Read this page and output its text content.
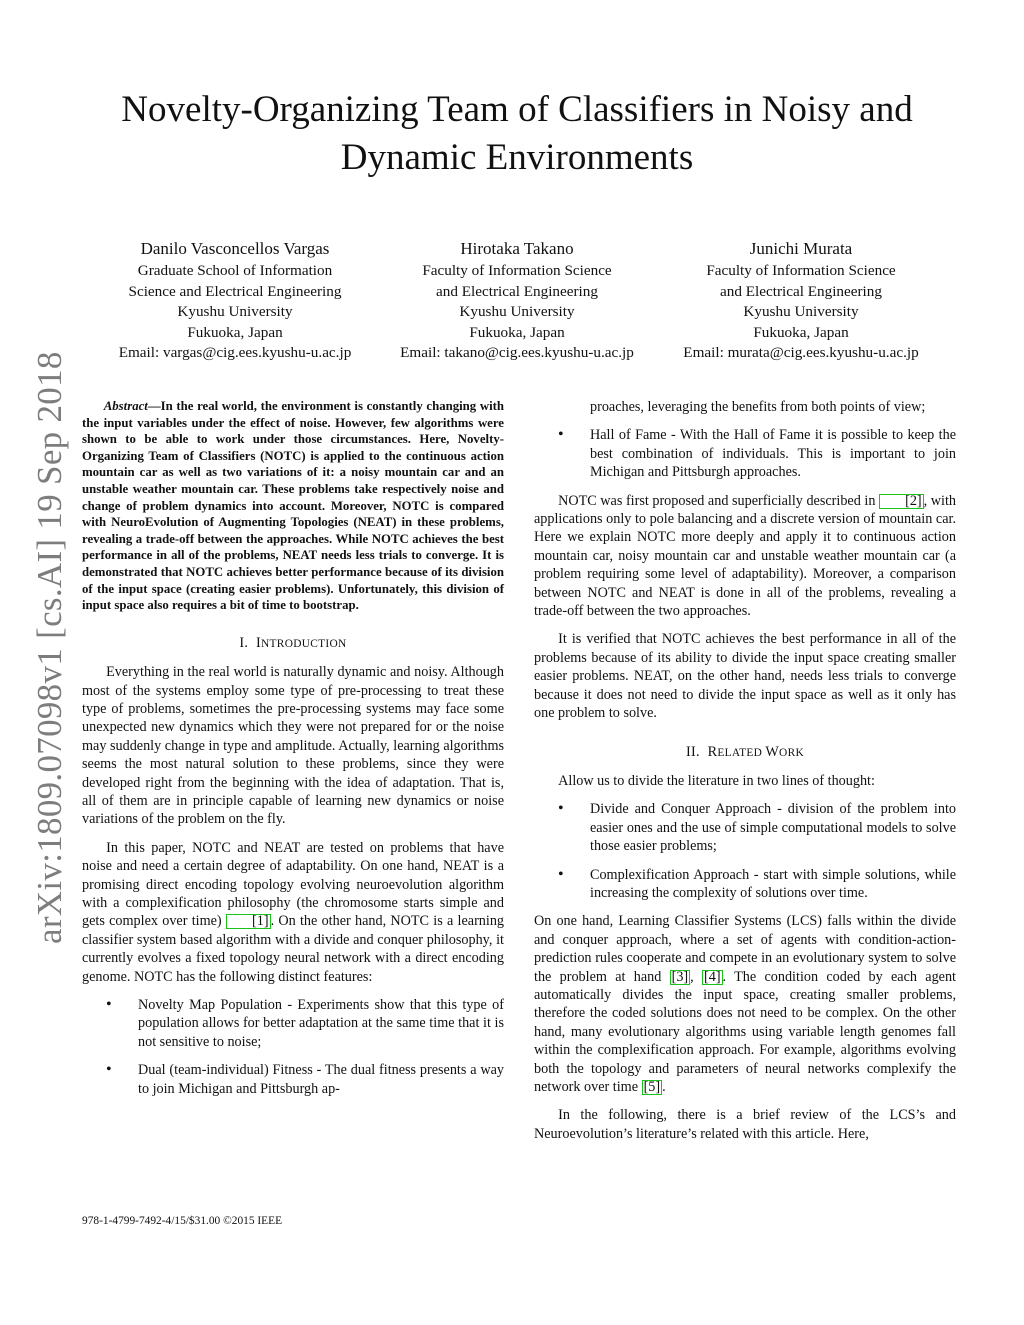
arXiv:1809.07098v1 [cs.AI] 19 Sep 2018
Novelty-Organizing Team of Classifiers in Noisy and Dynamic Environments
Danilo Vasconcellos Vargas
Graduate School of Information
Science and Electrical Engineering
Kyushu University
Fukuoka, Japan
Email: vargas@cig.ees.kyushu-u.ac.jp
Hirotaka Takano
Faculty of Information Science
and Electrical Engineering
Kyushu University
Fukuoka, Japan
Email: takano@cig.ees.kyushu-u.ac.jp
Junichi Murata
Faculty of Information Science
and Electrical Engineering
Kyushu University
Fukuoka, Japan
Email: murata@cig.ees.kyushu-u.ac.jp

Abstract—In the real world, the environment is constantly changing with the input variables under the effect of noise. However, few algorithms were shown to be able to work under those circumstances. Here, Novelty-Organizing Team of Classifiers (NOTC) is applied to the continuous action mountain car as well as two variations of it: a noisy mountain car and an unstable weather mountain car. These problems take respectively noise and change of problem dynamics into account. Moreover, NOTC is compared with NeuroEvolution of Augmenting Topologies (NEAT) in these problems, revealing a trade-off between the approaches. While NOTC achieves the best performance in all of the problems, NEAT needs less trials to converge. It is demonstrated that NOTC achieves better performance because of its division of the input space (creating easier problems). Unfortunately, this division of input space also requires a bit of time to bootstrap.

I. INTRODUCTION

Everything in the real world is naturally dynamic and noisy. Although most of the systems employ some type of pre-processing to treat these type of problems, sometimes the pre-processing systems may face some unexpected new dynamics which they were not prepared for or the noise may suddenly change in type and amplitude. Actually, learning algorithms seems the most natural solution to these problems, since they were developed right from the beginning with the idea of adaptation. That is, all of them are in principle capable of learning new dynamics or noise variations of the problem on the fly.

In this paper, NOTC and NEAT are tested on problems that have noise and need a certain degree of adaptability. On one hand, NEAT is a promising direct encoding topology evolving neuroevolution algorithm with a complexification philosophy (the chromosome starts simple and gets complex over time) [1] . On the other hand, NOTC is a learning classifier system based algorithm with a divide and conquer philosophy, it currently evolves a fixed topology neural network with a direct encoding genome. NOTC has the following distinct features:

• Novelty Map Population - Experiments show that this type of population allows for better adaptation at the same time that it is not sensitive to noise;
• Dual (team-individual) Fitness - The dual fitness presents a way to join Michigan and Pittsburgh ap-
proaches, leveraging the benefits from both points of view;
• Hall of Fame - With the Hall of Fame it is possible to keep the best combination of individuals. This is important to join Michigan and Pittsburgh approaches.

NOTC was first proposed and superficially described in [2] , with applications only to pole balancing and a discrete version of mountain car. Here we explain NOTC more deeply and apply it to continuous action mountain car, noisy mountain car and unstable weather mountain car (a problem requiring some level of adaptability). Moreover, a comparison between NOTC and NEAT is done in all of the problems, revealing a trade-off between the two approaches.

It is verified that NOTC achieves the best performance in all of the problems because of its ability to divide the input space creating smaller easier problems. NEAT, on the other hand, needs less trials to converge because it does not need to divide the input space as well as it only has one problem to solve.

II. RELATED WORK

Allow us to divide the literature in two lines of thought:

• Divide and Conquer Approach - division of the problem into easier ones and the use of simple computational models to solve those easier problems;
• Complexification Approach - start with simple solutions, while increasing the complexity of solutions over time.

On one hand, Learning Classifier Systems (LCS) falls within the divide and conquer approach, where a set of agents with condition-action-prediction rules cooperate and compete in an evolutionary system to solve the problem at hand [3] , [4] . The condition coded by each agent automatically divides the input space, creating smaller problems, therefore the coded solutions does not need to be complex. On the other hand, many evolutionary algorithms using variable length genomes fall within the complexification approach. For example, algorithms evolving both the topology and parameters of neural networks complexify the network over time [5] .

In the following, there is a brief review of the LCS’s and Neuroevolution’s literature’s related with this article. Here,

978-1-4799-7492-4/15/$31.00 ©2015 IEEE
